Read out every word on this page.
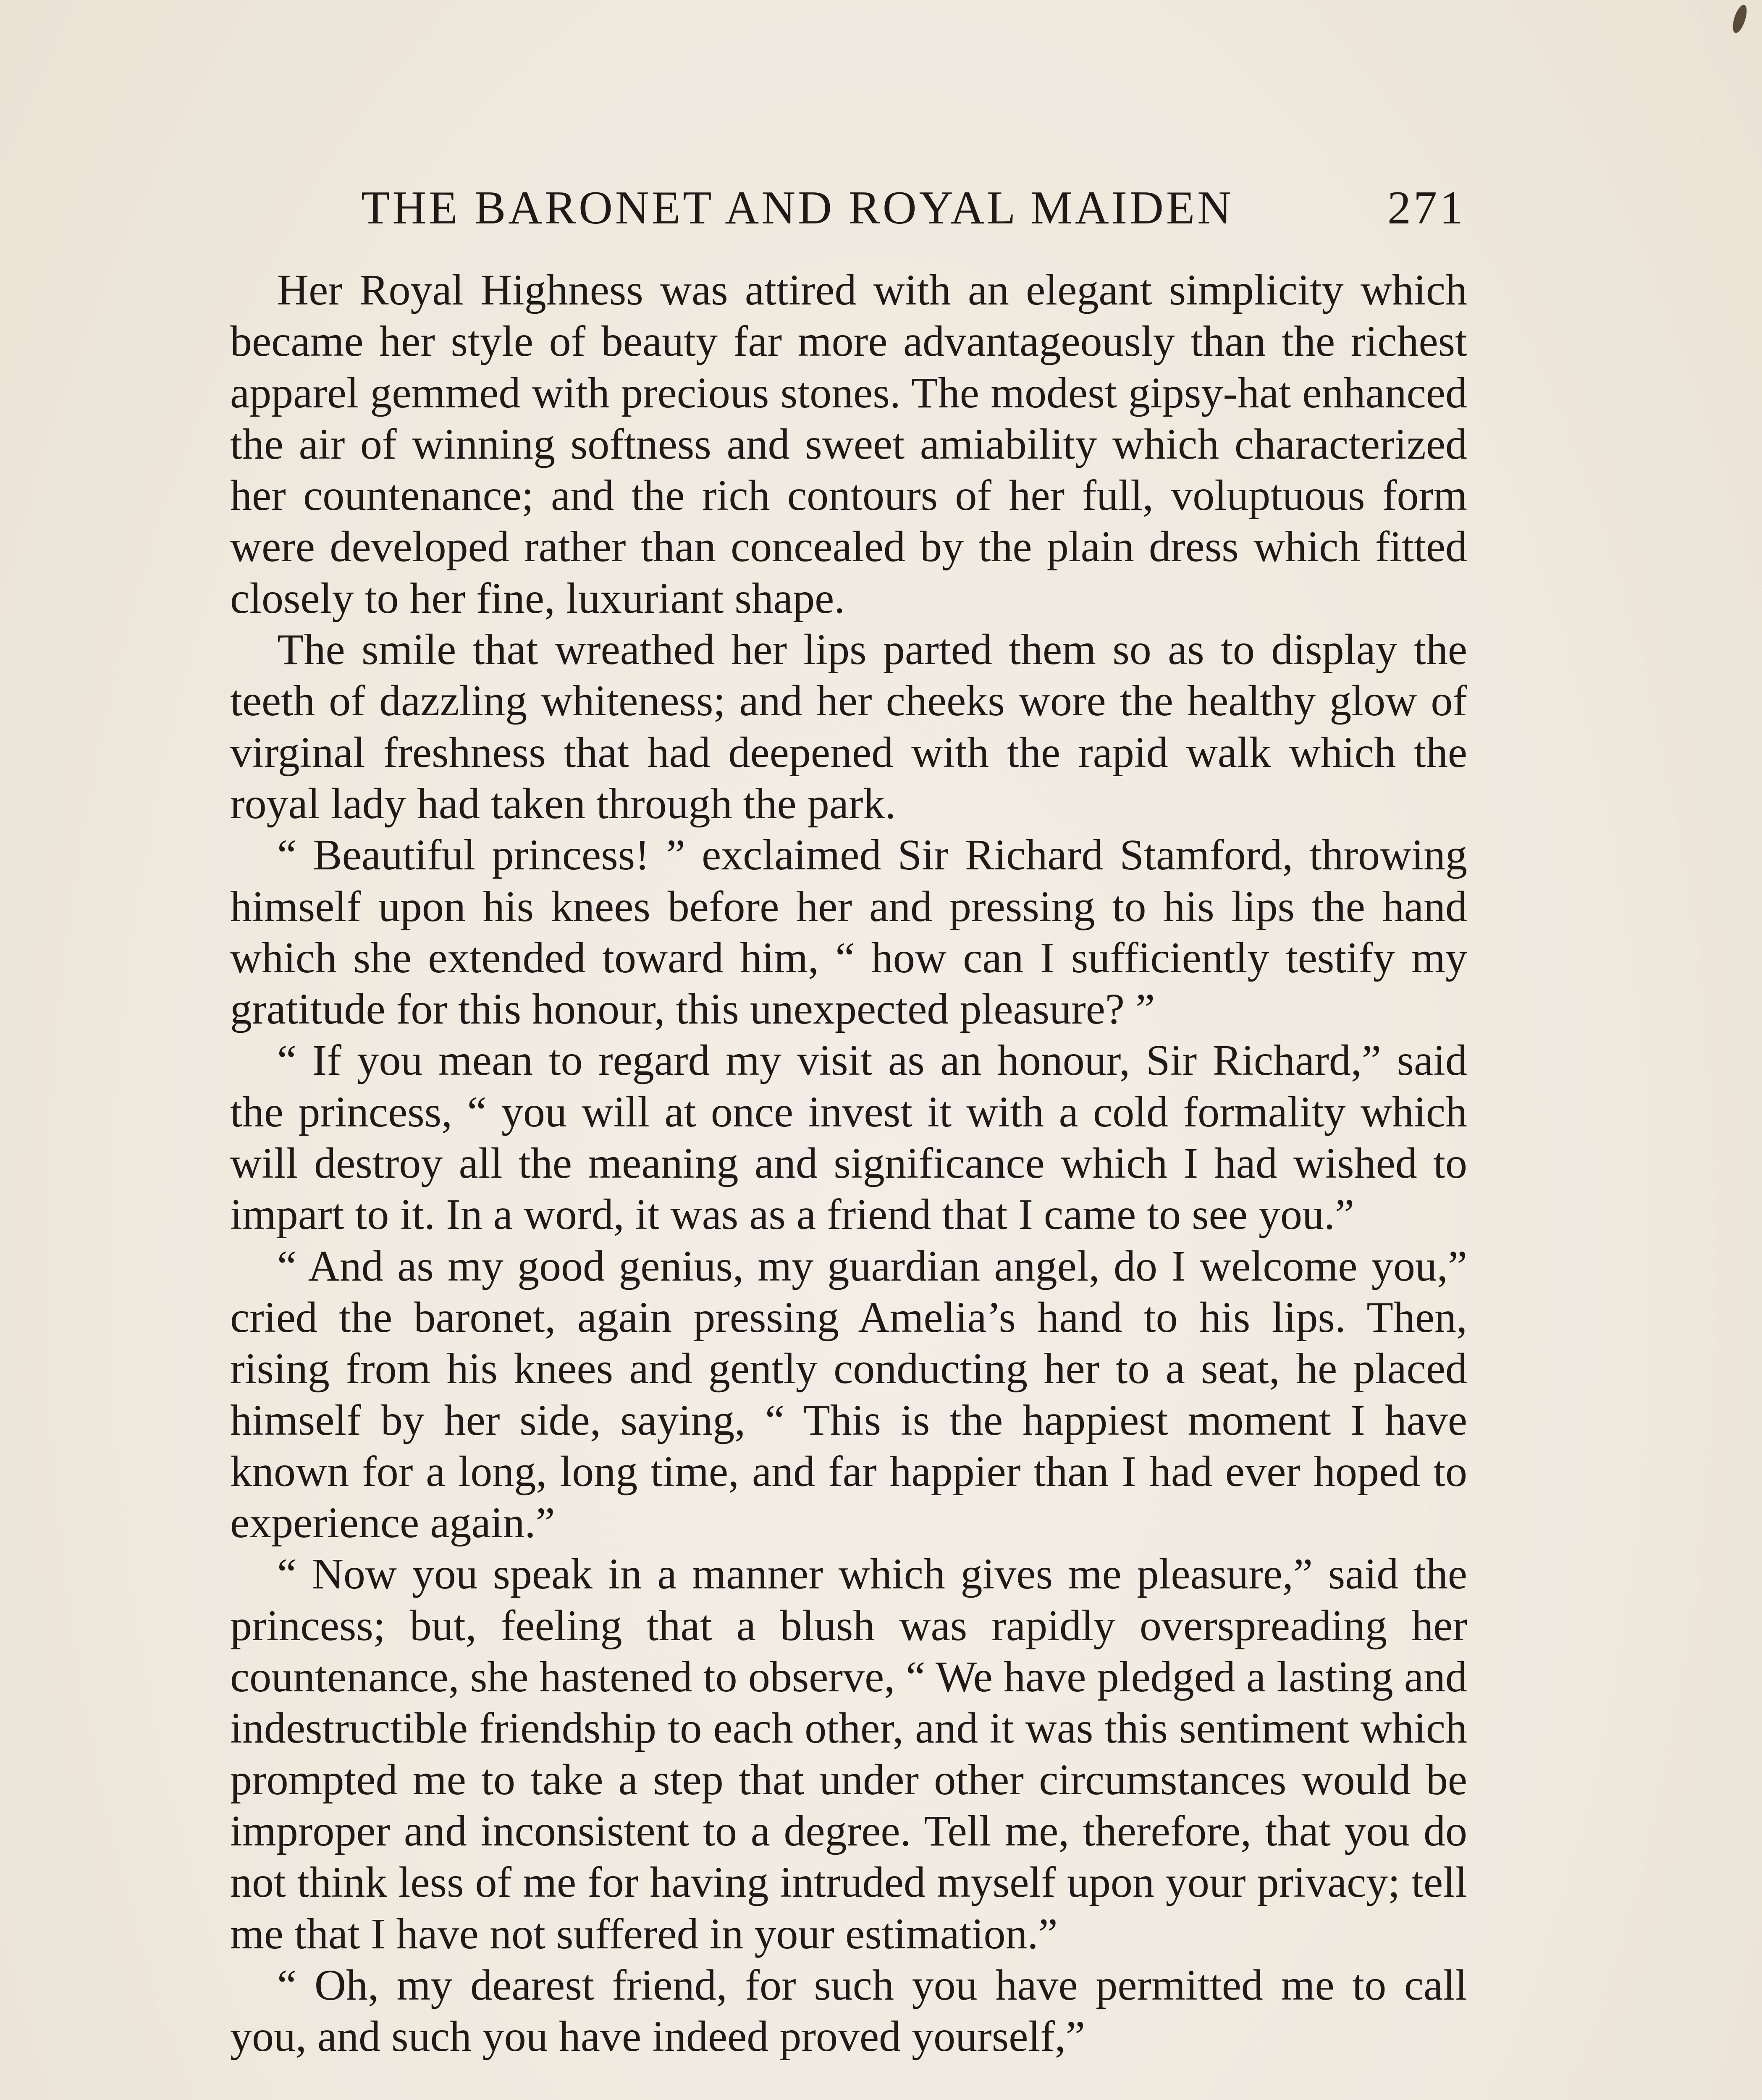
THE BARONET AND ROYAL MAIDEN	271

Her Royal Highness was attired with an elegant simplicity which became her style of beauty far more advantageously than the richest apparel gemmed with precious stones. The modest gipsy-hat enhanced the air of winning softness and sweet amiability which characterized her countenance; and the rich contours of her full, voluptuous form were developed rather than concealed by the plain dress which fitted closely to her fine, luxuriant shape.

The smile that wreathed her lips parted them so as to display the teeth of dazzling whiteness; and her cheeks wore the healthy glow of virginal freshness that had deepened with the rapid walk which the royal lady had taken through the park.

“ Beautiful princess! ” exclaimed Sir Richard Stamford, throwing himself upon his knees before her and pressing to his lips the hand which she extended toward him, “ how can I sufficiently testify my gratitude for this honour, this unexpected pleasure? ”

“ If you mean to regard my visit as an honour, Sir Richard,” said the princess, “ you will at once invest it with a cold formality which will destroy all the meaning and significance which I had wished to impart to it. In a word, it was as a friend that I came to see you.”

“ And as my good genius, my guardian angel, do I welcome you,” cried the baronet, again pressing Amelia’s hand to his lips. Then, rising from his knees and gently conducting her to a seat, he placed himself by her side, saying, “ This is the happiest moment I have known for a long, long time, and far happier than I had ever hoped to experience again.”

“ Now you speak in a manner which gives me pleasure,” said the princess; but, feeling that a blush was rapidly overspreading her countenance, she hastened to observe, “ We have pledged a lasting and indestructible friendship to each other, and it was this sentiment which prompted me to take a step that under other circumstances would be improper and inconsistent to a degree. Tell me, therefore, that you do not think less of me for having intruded myself upon your privacy; tell me that I have not suffered in your estimation.”

“ Oh, my dearest friend, for such you have permitted me to call you, and such you have indeed proved yourself,”
